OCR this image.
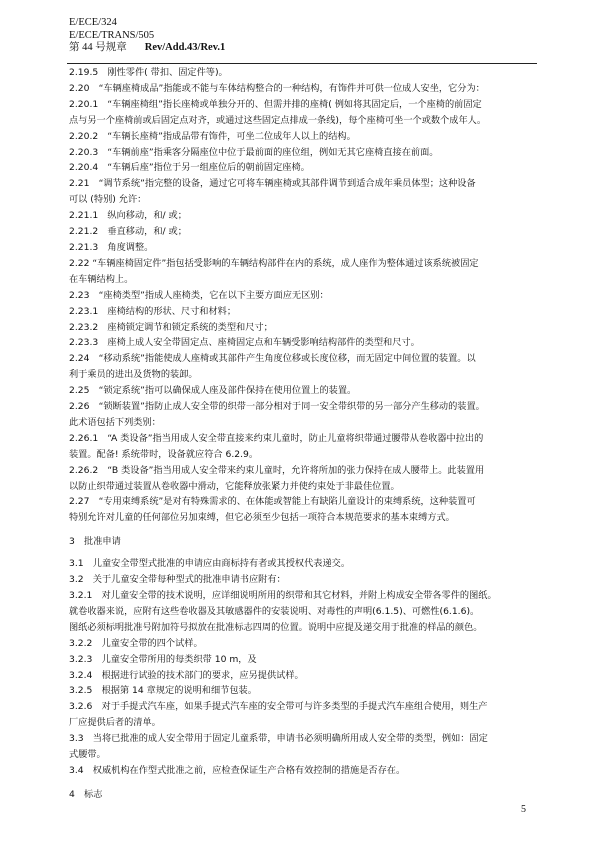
E/ECE/324
E/ECE/TRANS/505
第 44 号规章 Rev/Add.43/Rev.1

2.19.5　刚性零件( 带扣、固定件等)。

2.20　“车辆座椅成品”指能或不能与车体结构整合的一种结构，有饰件并可供一位成人安坐，它分为：

2.20.1　“车辆座椅组”指长座椅或单独分开的、但需并排的座椅( 例如将其固定后，一个座椅的前固定

点与另一个座椅前或后固定点对齐，或通过这些固定点排成一条线)，每个座椅可坐一个或数个成年人。

2.20.2　“车辆长座椅”指成品带有饰件，可坐二位成年人以上的结构。

2.20.3　“车辆前座”指乘客分隔座位中位于最前面的座位组，例如无其它座椅直接在前面。

2.20.4　“车辆后座”指位于另一组座位后的朝前固定座椅。

2.21　“调节系统”指完整的设备，通过它可将车辆座椅或其部件调节到适合成年乘员体型；这种设备

可以 (特别) 允许：

2.21.1　纵向移动，和/ 或；

2.21.2　垂直移动，和/ 或；

2.21.3　角度调整。

2.22 “车辆座椅固定件”指包括受影响的车辆结构部件在内的系统，成人座作为整体通过该系统被固定

在车辆结构上。

2.23　“座椅类型”指成人座椅类，它在以下主要方面应无区别：

2.23.1　座椅结构的形状、尺寸和材料；

2.23.2　座椅锁定调节和锁定系统的类型和尺寸；

2.23.3　座椅上成人安全带固定点、座椅固定点和车辆受影响结构部件的类型和尺寸。

2.24　“移动系统”指能使成人座椅或其部件产生角度位移或长度位移，而无固定中间位置的装置。以

利于乘员的进出及货物的装卸。

2.25　“锁定系统”指可以确保成人座及部件保持在使用位置上的装置。

2.26　“锁断装置”指防止成人安全带的织带一部分相对于同一安全带织带的另一部分产生移动的装置。

此术语包括下列类别：

2.26.1　“A 类设备”指当用成人安全带直接来约束儿童时，防止儿童将织带通过腰带从卷收器中拉出的

装置。配备! 系统带时，设备就应符合 6.2.9。

2.26.2　“B 类设备”指当用成人安全带来约束儿童时，允许将所加的张力保持在成人腰带上。此装置用

以防止织带通过装置从卷收器中滑动，它能释放张紧力并使约束处于非最佳位置。

2.27　“专用束缚系统”是对有特殊需求的、在体能或智能上有缺陷儿童设计的束缚系统，这种装置可

特别允许对儿童的任何部位另加束缚，但它必须至少包括一项符合本规范要求的基本束缚方式。

3　批准申请

3.1　儿童安全带型式批准的申请应由商标持有者或其授权代表递交。

3.2　关于儿童安全带每种型式的批准申请书应附有：

3.2.1　对儿童安全带的技术说明，应详细说明所用的织带和其它材料，并附上构成安全带各零件的图纸。

就卷收器来说，应附有这些卷收器及其敏感器件的安装说明、对毒性的声明(6.1.5)、可燃性(6.1.6)。

图纸必须标明批准号附加符号拟放在批准标志四周的位置。说明中应提及递交用于批准的样品的颜色。

3.2.2　儿童安全带的四个试样。

3.2.3　儿童安全带所用的每类织带 10 m，及

3.2.4　根据进行试验的技术部门的要求，应另提供试样。

3.2.5　根据第 14 章规定的说明和细节包装。

3.2.6　对于手提式汽车座，如果手提式汽车座的安全带可与许多类型的手提式汽车座组合使用，则生产

厂应提供后者的清单。

3.3　当将已批准的成人安全带用于固定儿童系带，申请书必须明确所用成人安全带的类型，例如：固定

式腰带。

3.4　权威机构在作型式批准之前，应检查保证生产合格有效控制的措施是否存在。

4　标志

5
